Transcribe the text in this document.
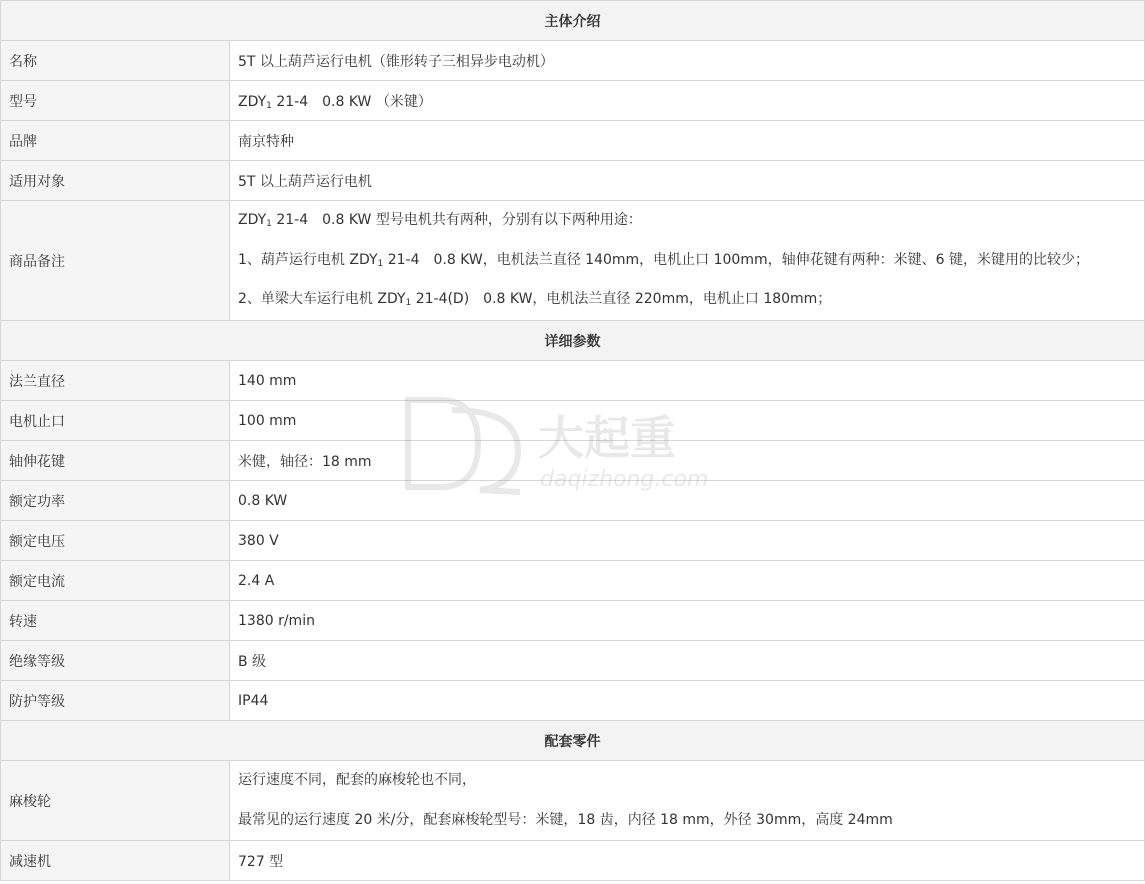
主体介绍	
名称	5T 以上葫芦运行电机（锥形转子三相异步电动机）
型号	$ZDY_1$ 21-4　0.8 KW （米键）
品牌	南京特种
适用对象	5T 以上葫芦运行电机
商品备注	$ZDY_1$ 21-4　0.8 KW 型号电机共有两种，分别有以下两种用途：
1、葫芦运行电机 $ZDY_1$ 21-4　0.8 KW，电机法兰直径 140mm，电机止口 100mm，轴伸花键有两种：米键、6 键，米键用的比较少；
2、单梁大车运行电机 $ZDY_1$ 21-4(D)　0.8 KW，电机法兰直径 220mm，电机止口 180mm；

详细参数	
法兰直径	140 mm
电机止口	100 mm
轴伸花键	米健，轴径：18 mm
额定功率	0.8 KW
额定电压	380 V
额定电流	2.4 A
转速	1380 r/min
绝缘等级	B 级
防护等级	IP44
配套零件	
麻梭轮	运行速度不同，配套的麻梭轮也不同，
最常见的运行速度 20 米/分，配套麻梭轮型号：米键，18 齿，内径 18 mm，外径 30mm，高度 24mm

减速机	727 型
大起重
daqizhong.com
